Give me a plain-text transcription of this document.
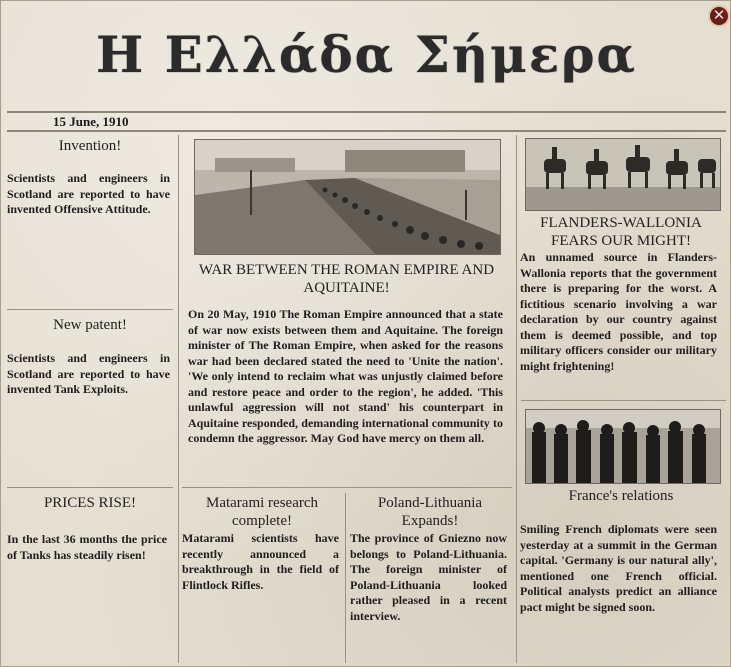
Η Ελλάδα Σήμερα
✕
15 June, 1910
Invention!
Scientists and engineers in Scotland are reported to have invented Offensive Attitude.
New patent!
Scientists and engineers in Scotland are reported to have invented Tank Exploits.
PRICES RISE!
In the last 36 months the price of Tanks has steadily risen!
WAR BETWEEN THE ROMAN EMPIRE AND AQUITAINE!
On 20 May, 1910 The Roman Empire announced that a state of war now exists between them and Aquitaine. The foreign minister of The Roman Empire, when asked for the reasons war had been declared stated the need to 'Unite the nation'. 'We only intend to reclaim what was unjustly claimed before and restore peace and order to the region', he added. 'This unlawful aggression will not stand' his counterpart in Aquitaine responded, demanding international community to condemn the aggressor. May God have mercy on them all.
Matarami research complete!
Matarami scientists have recently announced a breakthrough in the field of Flintlock Rifles.
Poland-Lithuania Expands!
The province of Gniezno now belongs to Poland-Lithuania. The foreign minister of Poland-Lithuania looked rather pleased in a recent interview.
FLANDERS-WALLONIA FEARS OUR MIGHT!
An unnamed source in Flanders-Wallonia reports that the government there is preparing for the worst. A fictitious scenario involving a war declaration by our country against them is deemed possible, and top military officers consider our military might frightening!
France's relations
Smiling French diplomats were seen yesterday at a summit in the German capital. 'Germany is our natural ally', mentioned one French official. Political analysts predict an alliance pact might be signed soon.
